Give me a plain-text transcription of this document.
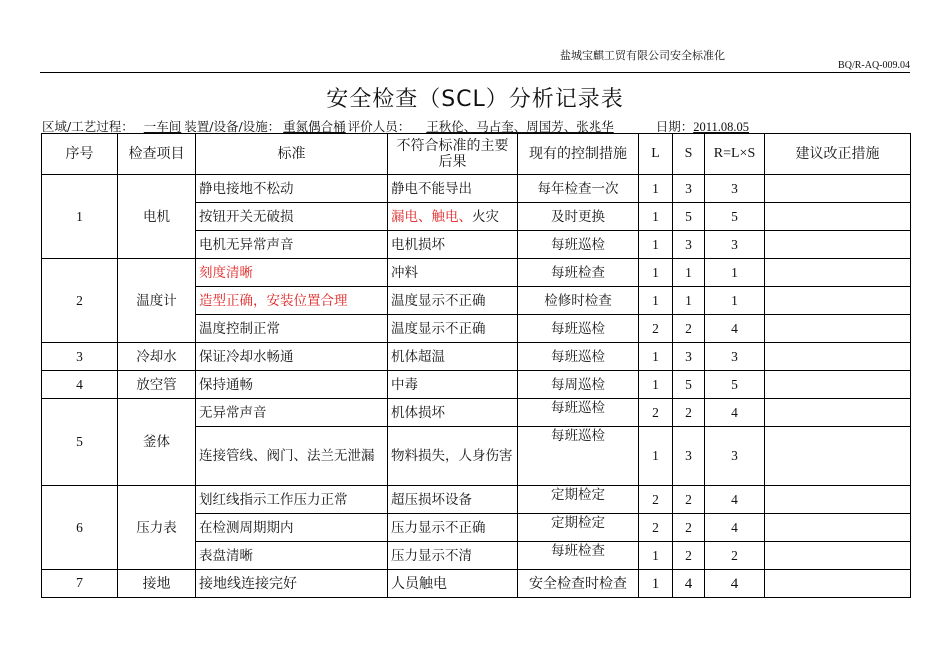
盐城宝麒工贸有限公司安全标准化
BQ/R-AQ-009.04
安全检查（SCL）分析记录表
区域/工艺过程： 一车间 装置/设备/设施： 重氮偶合桶 评价人员： 王秋伦、马占奎、周国芳、张兆华	日期：2011.08.05
序号	检查项目	标准	不符合标准的主要后果	现有的控制措施	L	S	R=L×S	建议改正措施
1	电机	静电接地不松动	静电不能导出	每年检查一次	1	3	3	
		按钮开关无破损	漏电、触电、火灾	及时更换	1	5	5	
		电机无异常声音	电机损坏	每班巡检	1	3	3	
2	温度计	刻度清晰	冲料	每班检查	1	1	1	
		造型正确，安装位置合理	温度显示不正确	检修时检查	1	1	1	
		温度控制正常	温度显示不正确	每班巡检	2	2	4	
3	冷却水	保证冷却水畅通	机体超温	每班巡检	1	3	3	
4	放空管	保持通畅	中毒	每周巡检	1	5	5	
5	釜体	无异常声音	机体损坏	每班巡检	2	2	4	
		连接管线、阀门、法兰无泄漏	物料损失，人身伤害	每班巡检	1	3	3	
6	压力表	划红线指示工作压力正常	超压损坏设备	定期检定	2	2	4	
		在检测周期期内	压力显示不正确	定期检定	2	2	4	
		表盘清晰	压力显示不清	每班检查	1	2	2	
7	接地	接地线连接完好	人员触电	安全检查时检查	1	4	4	
